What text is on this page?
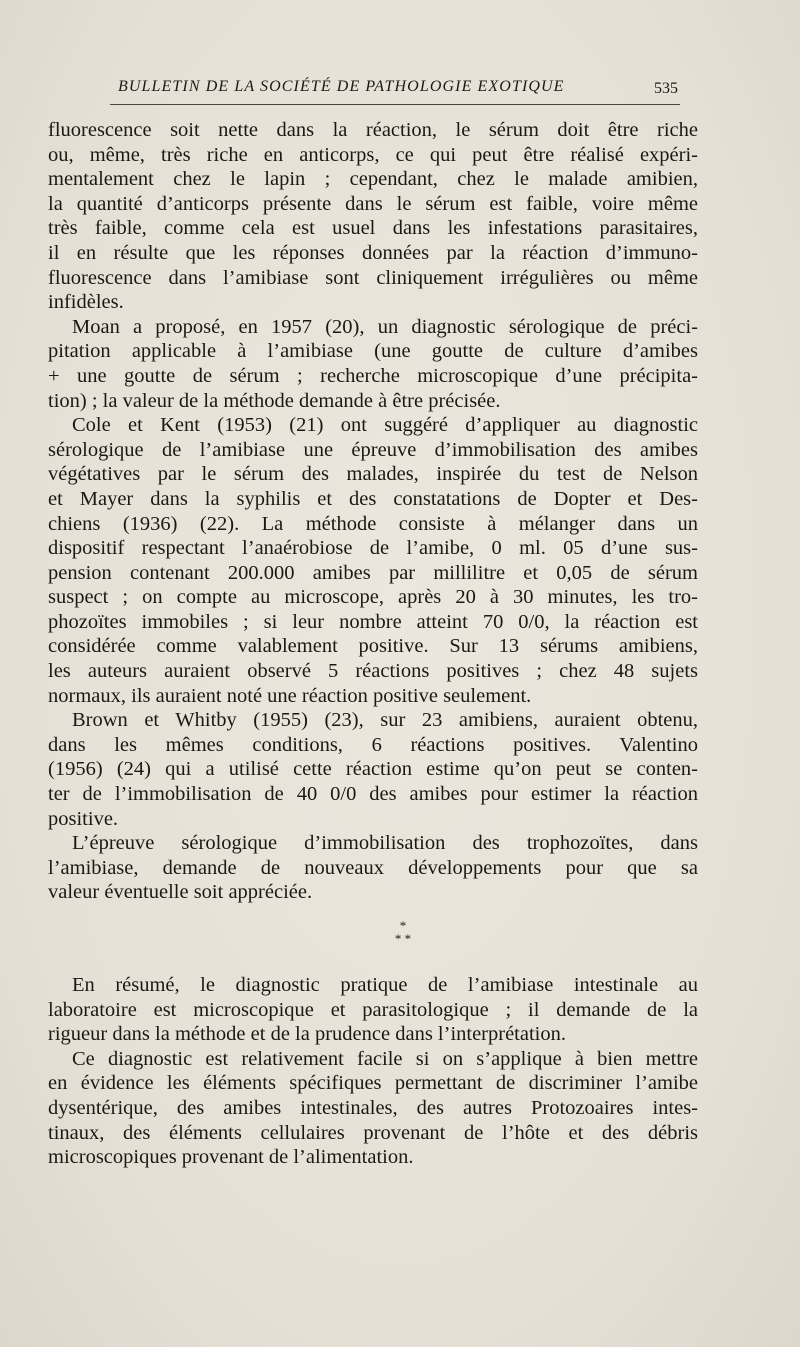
BULLETIN DE LA SOCIÉTÉ DE PATHOLOGIE EXOTIQUE	535
fluorescence soit nette dans la réaction, le sérum doit être riche
ou, même, très riche en anticorps, ce qui peut être réalisé expéri-
mentalement chez le lapin ; cependant, chez le malade amibien,
la quantité d’anticorps présente dans le sérum est faible, voire même
très faible, comme cela est usuel dans les infestations parasitaires,
il en résulte que les réponses données par la réaction d’immuno-
fluorescence dans l’amibiase sont cliniquement irrégulières ou même
infidèles.
Moan a proposé, en 1957 (20), un diagnostic sérologique de préci-
pitation applicable à l’amibiase (une goutte de culture d’amibes
+ une goutte de sérum ; recherche microscopique d’une précipita-
tion) ; la valeur de la méthode demande à être précisée.
Cole et Kent (1953) (21) ont suggéré d’appliquer au diagnostic
sérologique de l’amibiase une épreuve d’immobilisation des amibes
végétatives par le sérum des malades, inspirée du test de Nelson
et Mayer dans la syphilis et des constatations de Dopter et Des-
chiens (1936) (22). La méthode consiste à mélanger dans un
dispositif respectant l’anaérobiose de l’amibe, 0 ml. 05 d’une sus-
pension contenant 200.000 amibes par millilitre et 0,05 de sérum
suspect ; on compte au microscope, après 20 à 30 minutes, les tro-
phozoïtes immobiles ; si leur nombre atteint 70 0/0, la réaction est
considérée comme valablement positive. Sur 13 sérums amibiens,
les auteurs auraient observé 5 réactions positives ; chez 48 sujets
normaux, ils auraient noté une réaction positive seulement.
Brown et Whitby (1955) (23), sur 23 amibiens, auraient obtenu,
dans les mêmes conditions, 6 réactions positives. Valentino
(1956) (24) qui a utilisé cette réaction estime qu’on peut se conten-
ter de l’immobilisation de 40 0/0 des amibes pour estimer la réaction
positive.
L’épreuve sérologique d’immobilisation des trophozoïtes, dans
l’amibiase, demande de nouveaux développements pour que sa
valeur éventuelle soit appréciée.
*
* *
En résumé, le diagnostic pratique de l’amibiase intestinale au
laboratoire est microscopique et parasitologique ; il demande de la
rigueur dans la méthode et de la prudence dans l’interprétation.
Ce diagnostic est relativement facile si on s’applique à bien mettre
en évidence les éléments spécifiques permettant de discriminer l’amibe
dysentérique, des amibes intestinales, des autres Protozoaires intes-
tinaux, des éléments cellulaires provenant de l’hôte et des débris
microscopiques provenant de l’alimentation.
